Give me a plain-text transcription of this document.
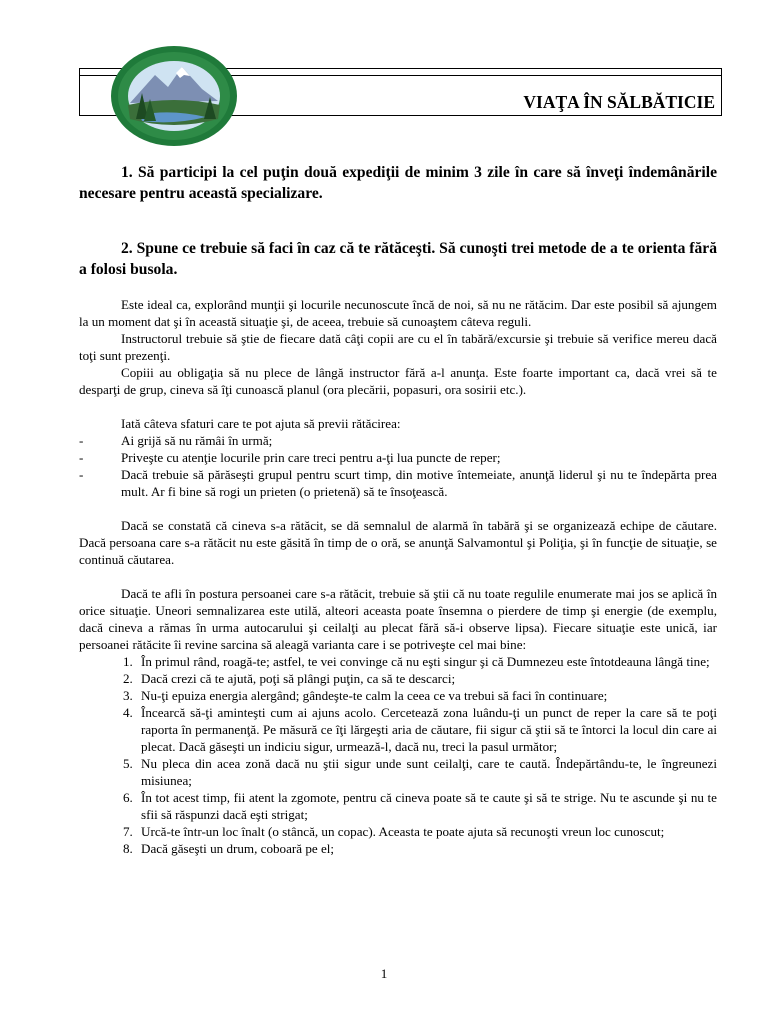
VIAŢA ÎN SĂLBĂTICIE

1. Să participi la cel puţin două expediţii de minim 3 zile în care să înveţi îndemânările necesare pentru această specializare.

2. Spune ce trebuie să faci în caz că te rătăceşti. Să cunoşti trei metode de a te orienta fără a folosi busola.

Este ideal ca, explorând munţii şi locurile necunoscute încă de noi, să nu ne rătăcim. Dar este posibil să ajungem la un moment dat şi în această situaţie şi, de aceea, trebuie să cunoaştem câteva reguli.

Instructorul trebuie să ştie de fiecare dată câţi copii are cu el în tabără/excursie şi trebuie să verifice mereu dacă toţi sunt prezenţi.

Copiii au obligaţia să nu plece de lângă instructor fără a-l anunţa. Este foarte important ca, dacă vrei să te desparţi de grup, cineva să îţi cunoască planul (ora plecării, popasuri, ora sosirii etc.).

Iată câteva sfaturi care te pot ajuta să previi rătăcirea:

- Ai grijă să nu rămâi în urmă;
- Priveşte cu atenţie locurile prin care treci pentru a-ţi lua puncte de reper;
- Dacă trebuie să părăseşti grupul pentru scurt timp, din motive întemeiate, anunţă liderul şi nu te îndepărta prea mult. Ar fi bine să rogi un prieten (o prietenă) să te însoţească.

Dacă se constată că cineva s-a rătăcit, se dă semnalul de alarmă în tabără şi se organizează echipe de căutare. Dacă persoana care s-a rătăcit nu este găsită în timp de o oră, se anunţă Salvamontul şi Poliţia, şi în funcţie de situaţie, se continuă căutarea.

Dacă te afli în postura persoanei care s-a rătăcit, trebuie să ştii că nu toate regulile enumerate mai jos se aplică în orice situaţie. Uneori semnalizarea este utilă, alteori aceasta poate însemna o pierdere de timp şi energie (de exemplu, dacă cineva a rămas în urma autocarului şi ceilalţi au plecat fără să-i observe lipsa). Fiecare situaţie este unică, iar persoanei rătăcite îi revine sarcina să aleagă varianta care i se potriveşte cel mai bine:

1. În primul rând, roagă-te; astfel, te vei convinge că nu eşti singur şi că Dumnezeu este întotdeauna lângă tine;
2. Dacă crezi că te ajută, poţi să plângi puţin, ca să te descarci;
3. Nu-ţi epuiza energia alergând; gândeşte-te calm la ceea ce va trebui să faci în continuare;
4. Încearcă să-ţi aminteşti cum ai ajuns acolo. Cercetează zona luându-ţi un punct de reper la care să te poţi raporta în permanenţă. Pe măsură ce îţi lărgeşti aria de căutare, fii sigur că ştii să te întorci la locul din care ai plecat. Dacă găseşti un indiciu sigur, urmează-l, dacă nu, treci la pasul următor;
5. Nu pleca din acea zonă dacă nu ştii sigur unde sunt ceilalţi, care te caută. Îndepărtându-te, le îngreunezi misiunea;
6. În tot acest timp, fii atent la zgomote, pentru că cineva poate să te caute şi să te strige. Nu te ascunde şi nu te sfii să răspunzi dacă eşti strigat;
7. Urcă-te într-un loc înalt (o stâncă, un copac). Aceasta te poate ajuta să recunoşti vreun loc cunoscut;
8. Dacă găseşti un drum, coboară pe el;
1
